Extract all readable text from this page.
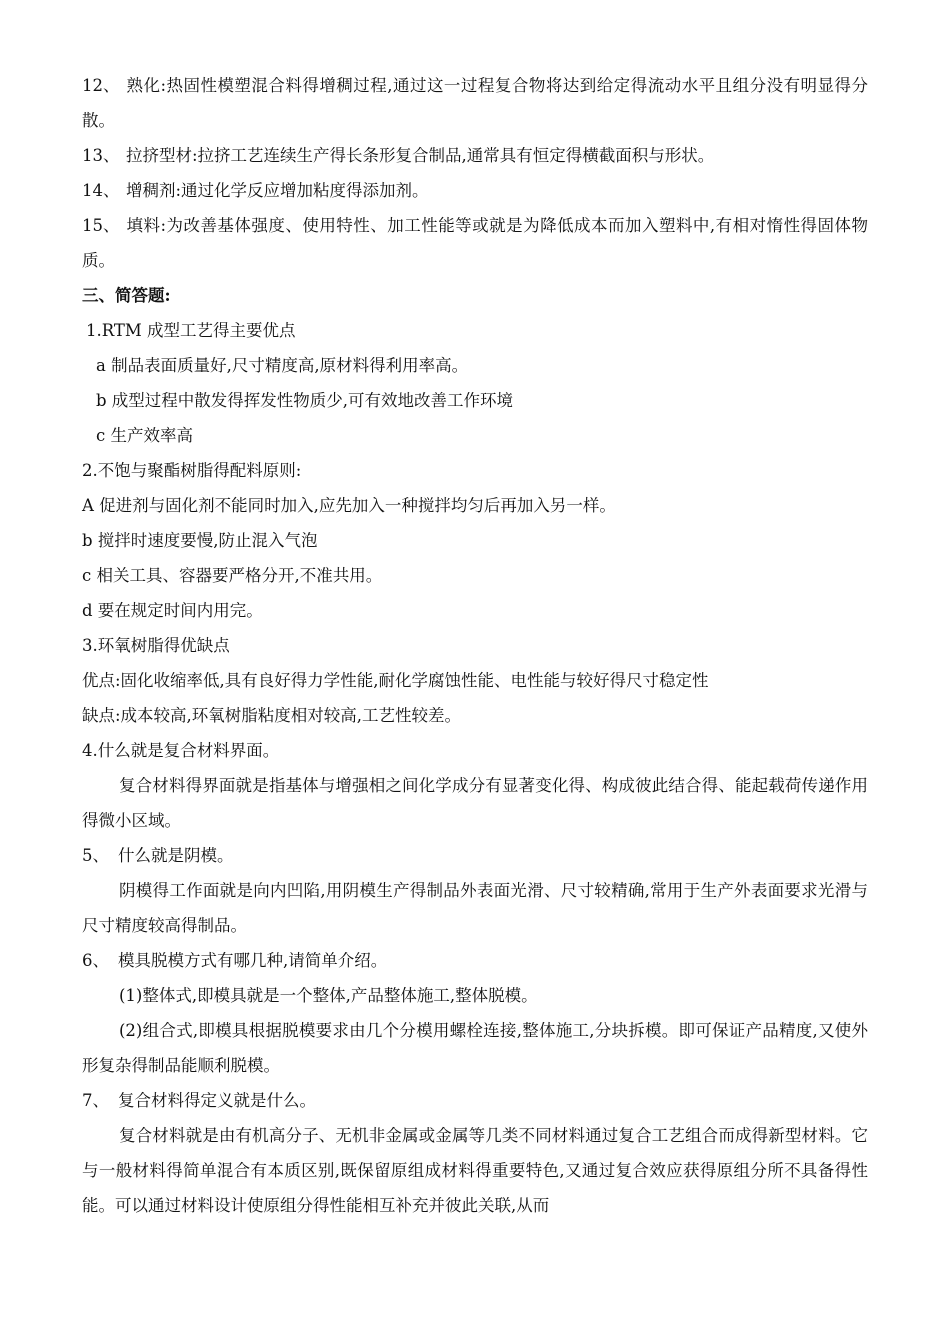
12、 熟化:热固性模塑混合料得增稠过程,通过这一过程复合物将达到给定得流动水平且组分没有明显得分散。

13、 拉挤型材:拉挤工艺连续生产得长条形复合制品,通常具有恒定得横截面积与形状。

14、 增稠剂:通过化学反应增加粘度得添加剂。

15、 填料:为改善基体强度、使用特性、加工性能等或就是为降低成本而加入塑料中,有相对惰性得固体物质。

三、简答题:

1.RTM 成型工艺得主要优点

a 制品表面质量好,尺寸精度高,原材料得利用率高。

b 成型过程中散发得挥发性物质少,可有效地改善工作环境

c 生产效率高

2.不饱与聚酯树脂得配料原则:

A 促进剂与固化剂不能同时加入,应先加入一种搅拌均匀后再加入另一样。

b 搅拌时速度要慢,防止混入气泡

c 相关工具、容器要严格分开,不准共用。

d 要在规定时间内用完。

3.环氧树脂得优缺点

优点:固化收缩率低,具有良好得力学性能,耐化学腐蚀性能、电性能与较好得尺寸稳定性

缺点:成本较高,环氧树脂粘度相对较高,工艺性较差。

4.什么就是复合材料界面。

复合材料得界面就是指基体与增强相之间化学成分有显著变化得、构成彼此结合得、能起载荷传递作用得微小区域。

5、 什么就是阴模。

阴模得工作面就是向内凹陷,用阴模生产得制品外表面光滑、尺寸较精确,常用于生产外表面要求光滑与尺寸精度较高得制品。

6、 模具脱模方式有哪几种,请简单介绍。

(1)整体式,即模具就是一个整体,产品整体施工,整体脱模。

(2)组合式,即模具根据脱模要求由几个分模用螺栓连接,整体施工,分块拆模。即可保证产品精度,又使外形复杂得制品能顺利脱模。

7、 复合材料得定义就是什么。

复合材料就是由有机高分子、无机非金属或金属等几类不同材料通过复合工艺组合而成得新型材料。它与一般材料得简单混合有本质区别,既保留原组成材料得重要特色,又通过复合效应获得原组分所不具备得性能。可以通过材料设计使原组分得性能相互补充并彼此关联,从而
